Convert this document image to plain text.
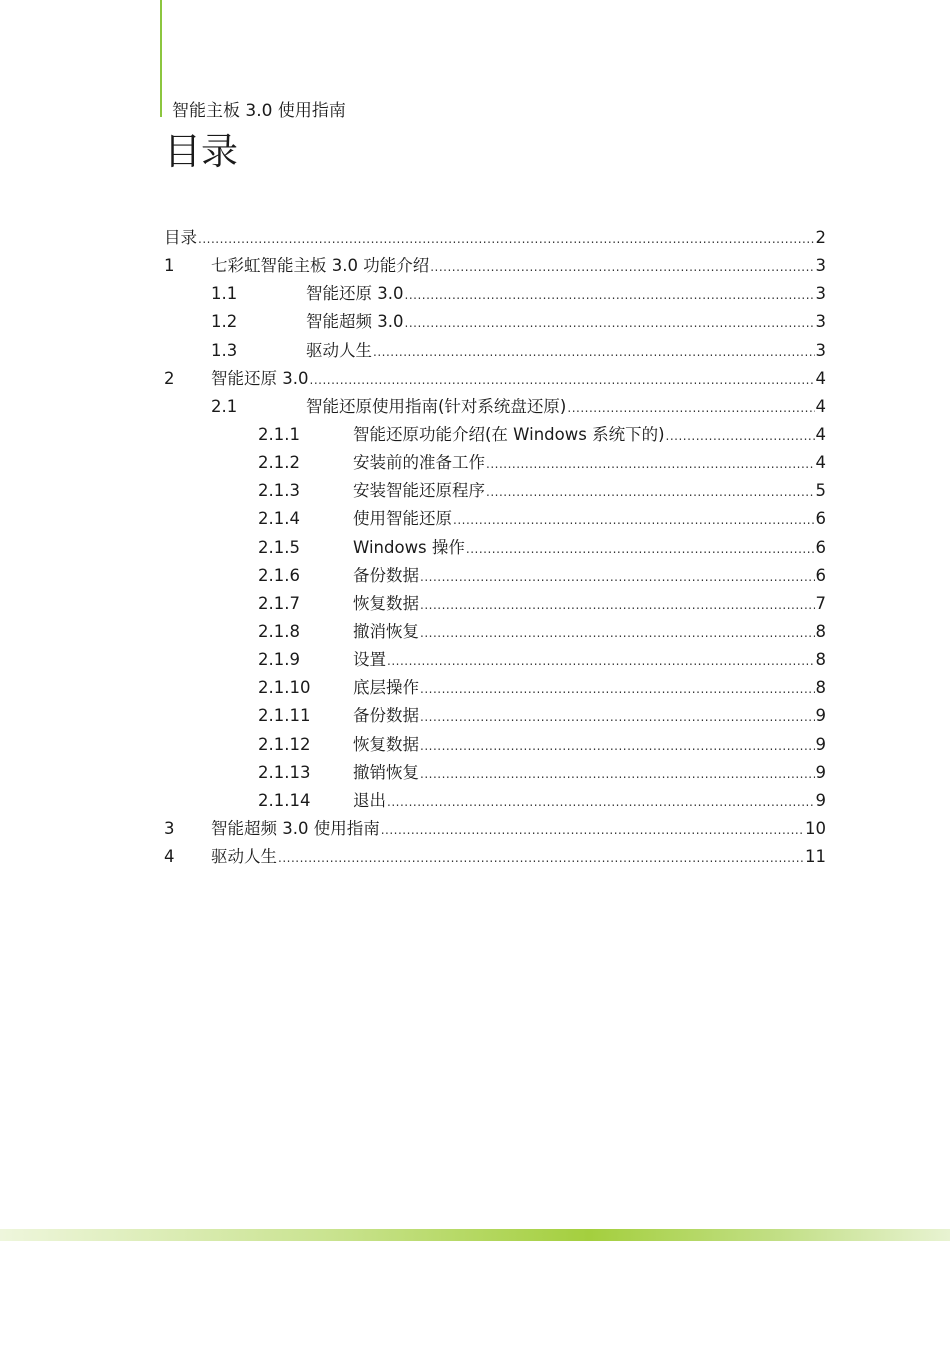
智能主板 3.0 使用指南
目录
目录 .....	2
1	七彩虹智能主板 3.0 功能介绍 .....	3
1.1	智能还原 3.0 .....	3
1.2	智能超频 3.0 .....	3
1.3	驱动人生 .....	3
2	智能还原 3.0 .....	4
2.1	智能还原使用指南(针对系统盘还原) .....	4
2.1.1	智能还原功能介绍(在 Windows 系统下的) .....	4
2.1.2	安装前的准备工作 .....	4
2.1.3	安装智能还原程序 .....	5
2.1.4	使用智能还原 .....	6
2.1.5	Windows 操作 .....	6
2.1.6	备份数据 .....	6
2.1.7	恢复数据 .....	7
2.1.8	撤消恢复 .....	8
2.1.9	设置 .....	8
2.1.10	底层操作 .....	8
2.1.11	备份数据 .....	9
2.1.12	恢复数据 .....	9
2.1.13	撤销恢复 .....	9
2.1.14	退出 .....	9
3	智能超频 3.0 使用指南 .....	10
4	驱动人生 .....	11
